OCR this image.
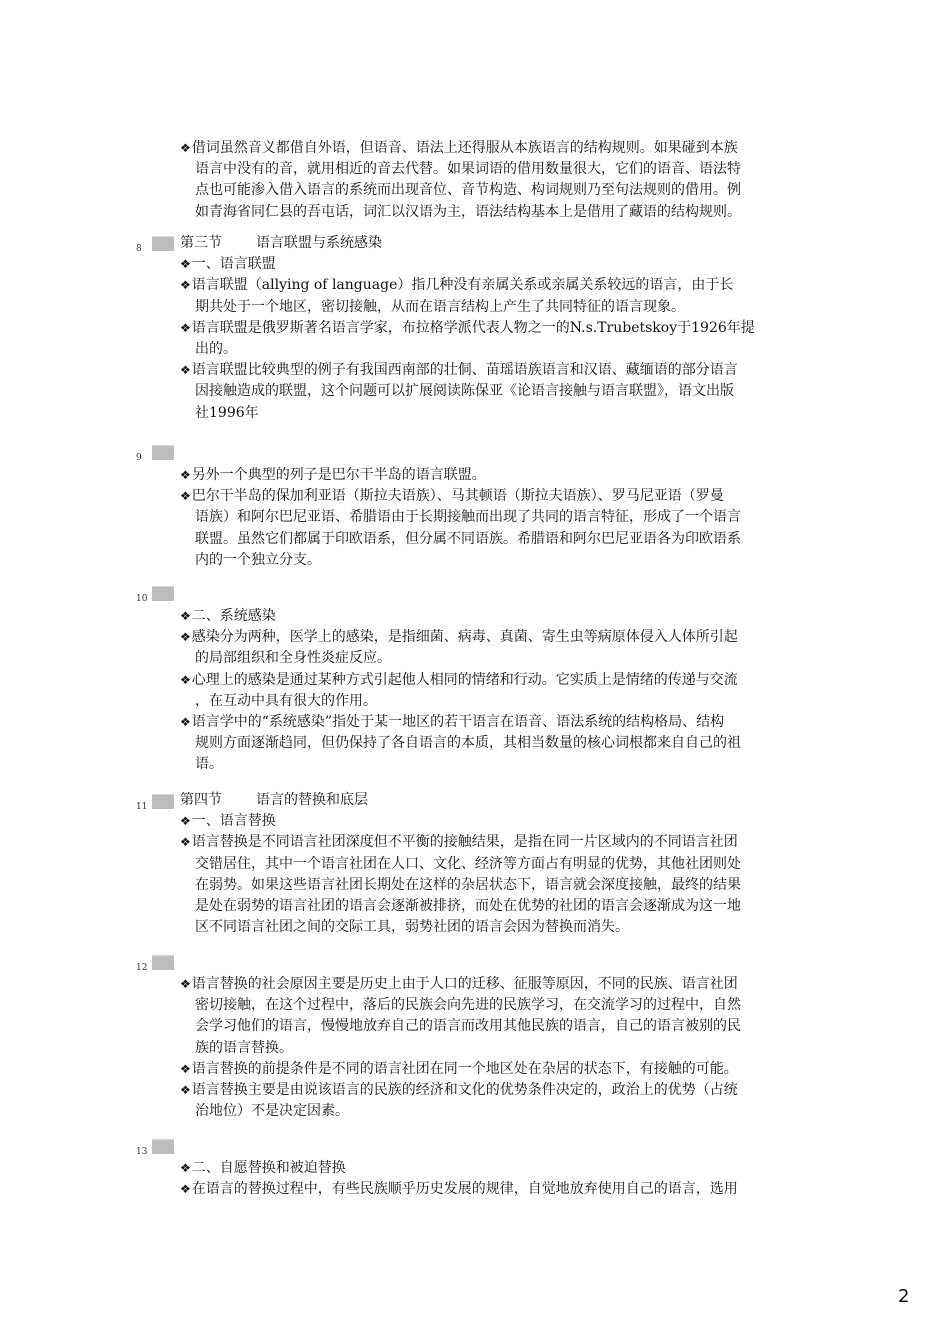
❖借词虽然音义都借自外语，但语音、语法上还得服从本族语言的结构规则。如果碰到本族
语言中没有的音，就用相近的音去代替。如果词语的借用数量很大，它们的语音、语法特
点也可能渗入借入语言的系统而出现音位、音节构造、构词规则乃至句法规则的借用。例
如青海省同仁县的吾屯话，词汇以汉语为主，语法结构基本上是借用了藏语的结构规则。
8	第三节 语言联盟与系统感染
❖一、语言联盟
❖语言联盟（allying of language）指几种没有亲属关系或亲属关系较远的语言，由于长
期共处于一个地区，密切接触，从而在语言结构上产生了共同特征的语言现象。
❖语言联盟是俄罗斯著名语言学家，布拉格学派代表人物之一的N.s.Trubetskoy于1926年提
出的。
❖语言联盟比较典型的例子有我国西南部的壮侗、苗瑶语族语言和汉语、藏缅语的部分语言
因接触造成的联盟，这个问题可以扩展阅读陈保亚《论语言接触与语言联盟》，语文出版
社1996年
9
❖另外一个典型的列子是巴尔干半岛的语言联盟。
❖巴尔干半岛的保加利亚语（斯拉夫语族）、马其顿语（斯拉夫语族）、罗马尼亚语（罗曼
语族）和阿尔巴尼亚语、希腊语由于长期接触而出现了共同的语言特征，形成了一个语言
联盟。虽然它们都属于印欧语系，但分属不同语族。希腊语和阿尔巴尼亚语各为印欧语系
内的一个独立分支。
10
❖二、系统感染
❖感染分为两种，医学上的感染，是指细菌、病毒、真菌、寄生虫等病原体侵入人体所引起
的局部组织和全身性炎症反应。
❖心理上的感染是通过某种方式引起他人相同的情绪和行动。它实质上是情绪的传递与交流
，在互动中具有很大的作用。
❖语言学中的“系统感染”指处于某一地区的若干语言在语音、语法系统的结构格局、结构
规则方面逐渐趋同，但仍保持了各自语言的本质，其相当数量的核心词根都来自自己的祖
语。
11 第四节 语言的替换和底层
❖一、语言替换
❖语言替换是不同语言社团深度但不平衡的接触结果，是指在同一片区域内的不同语言社团
交错居住，其中一个语言社团在人口、文化、经济等方面占有明显的优势，其他社团则处
在弱势。如果这些语言社团长期处在这样的杂居状态下，语言就会深度接触，最终的结果
是处在弱势的语言社团的语言会逐渐被排挤，而处在优势的社团的语言会逐渐成为这一地
区不同语言社团之间的交际工具，弱势社团的语言会因为替换而消失。
12
❖语言替换的社会原因主要是历史上由于人口的迁移、征服等原因，不同的民族、语言社团
密切接触，在这个过程中，落后的民族会向先进的民族学习，在交流学习的过程中，自然
会学习他们的语言，慢慢地放弃自己的语言而改用其他民族的语言，自己的语言被别的民
族的语言替换。
❖语言替换的前提条件是不同的语言社团在同一个地区处在杂居的状态下，有接触的可能。
❖语言替换主要是由说该语言的民族的经济和文化的优势条件决定的，政治上的优势（占统
治地位）不是决定因素。
13
❖二、自愿替换和被迫替换
❖在语言的替换过程中，有些民族顺乎历史发展的规律，自觉地放弃使用自己的语言，选用
2
